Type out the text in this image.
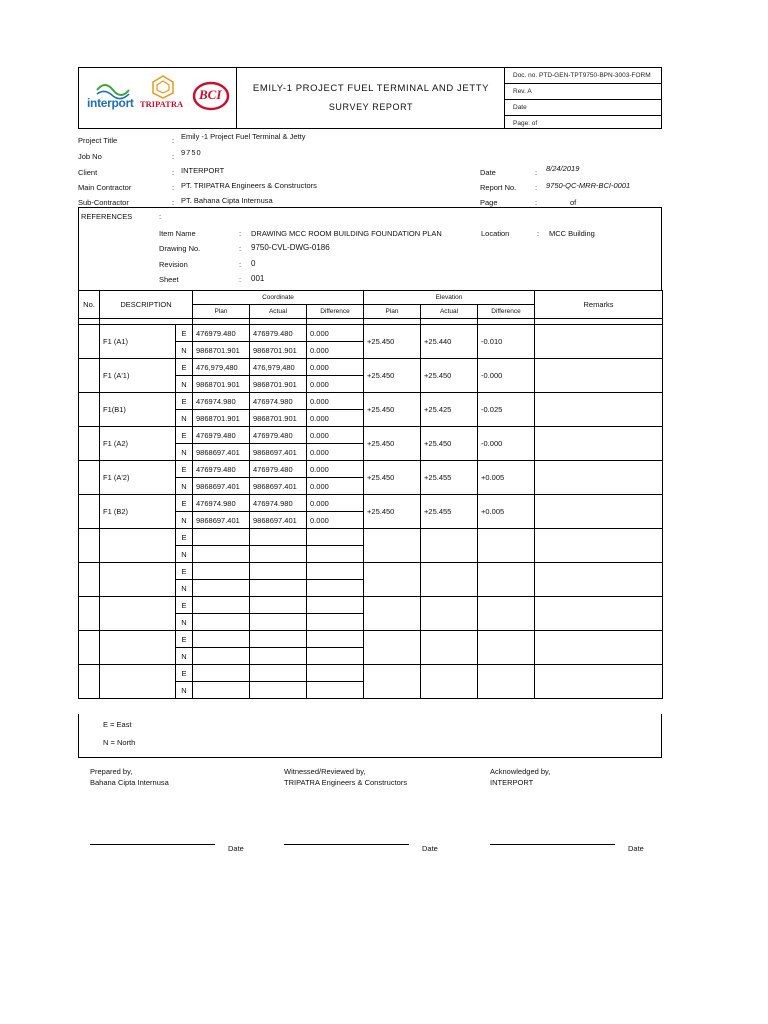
interport TRIPATRA
BCI	EMILY-1 PROJECT FUEL TERMINAL AND JETTY
SURVEY REPORT
Doc. no. PTD-GEN-TPT9750-BPN-3003-FORM
Rev. A
Date
Page: of
Project Title	: Emily -1 Project Fuel Terminal & Jetty
Job No	: 9750
Client	: INTERPORT
Main Contractor	: PT. TRIPATRA Engineers & Constructors
Sub-Contractor	: PT. Bahana Cipta Internusa
Date	: 8/24/2019
Report No. : 9750-QC-MRR-BCI-0001
Page	:	of
REFERENCES	:
Item Name	: DRAWING MCC ROOM BUILDING FOUNDATION PLAN
Drawing No.	: 9750-CVL-DWG-0186
Revision	: 0
Sheet	: 001
Location	: MCC Building
No.	DESCRIPTION		Coordinate			Elevation			Remarks
			Plan	Actual	Difference	Plan	Actual	Difference	

	F1 (A1)	E	476979.480	476979.480	0.000	+25.450	+25.440	-0.010	
		N	9868701.901	9868701.901	0.000				
	F1 (A'1)	E	476,979,480	476,979,480	0.000	+25.450	+25.450	-0.000	
		N	9868701.901	9868701.901	0.000				
	F1(B1)	E	476974.980	476974.980	0.000	+25.450	+25.425	-0.025	
		N	9868701.901	9868701.901	0.000				
	F1 (A2)	E	476979.480	476979.480	0.000	+25.450	+25.450	-0.000	
		N	9868697.401	9868697.401	0.000				
	F1 (A'2)	E	476979.480	476979.480	0.000	+25.450	+25.455	+0.005	
		N	9868697.401	9868697.401	0.000				
	F1 (B2)	E	476974.980	476974.980	0.000	+25.450	+25.455	+0.005	
		N	9868697.401	9868697.401	0.000				
		E							
		N							
		E							
		N							
		E							
		N							
		E							
		N							
		E							
		N							
E = East
N = North
Prepared by,
Bahana Cipta Internusa
Witnessed/Reviewed by,
TRIPATRA Engineers & Constructors
Acknowledged by,
INTERPORT
Date	Date	Date
